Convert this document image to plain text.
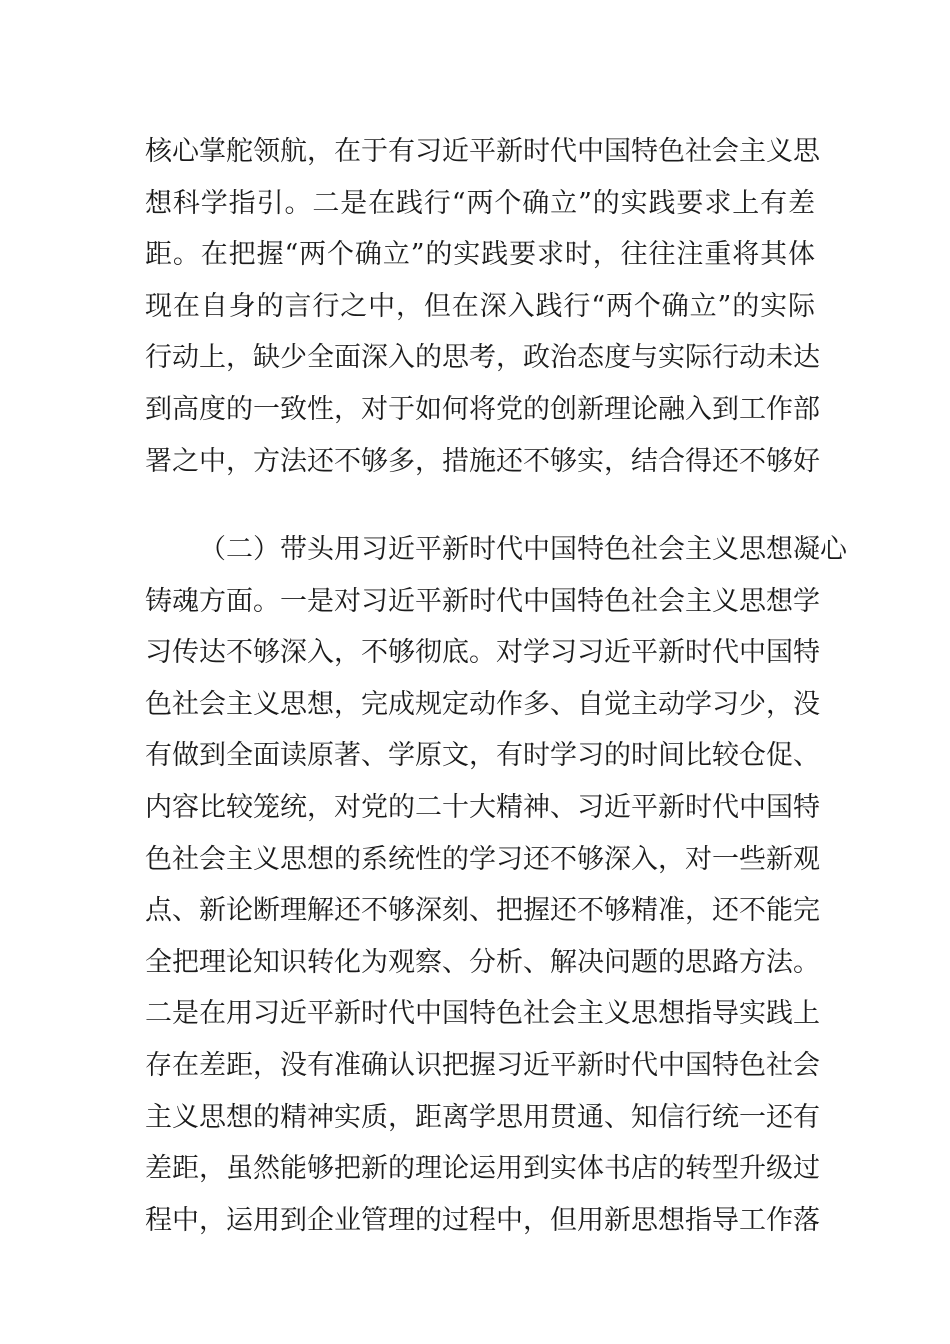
核心掌舵领航，在于有习近平新时代中国特色社会主义思
想科学指引。二是在践行“两个确立”的实践要求上有差
距。在把握“两个确立”的实践要求时，往往注重将其体
现在自身的言行之中，但在深入践行“两个确立”的实际
行动上，缺少全面深入的思考，政治态度与实际行动未达
到高度的一致性，对于如何将党的创新理论融入到工作部
署之中，方法还不够多，措施还不够实，结合得还不够好
（二）带头用习近平新时代中国特色社会主义思想凝心
铸魂方面。一是对习近平新时代中国特色社会主义思想学
习传达不够深入，不够彻底。对学习习近平新时代中国特
色社会主义思想，完成规定动作多、自觉主动学习少，没
有做到全面读原著、学原文，有时学习的时间比较仓促、
内容比较笼统，对党的二十大精神、习近平新时代中国特
色社会主义思想的系统性的学习还不够深入，对一些新观
点、新论断理解还不够深刻、把握还不够精准，还不能完
全把理论知识转化为观察、分析、解决问题的思路方法。
二是在用习近平新时代中国特色社会主义思想指导实践上
存在差距，没有准确认识把握习近平新时代中国特色社会
主义思想的精神实质，距离学思用贯通、知信行统一还有
差距，虽然能够把新的理论运用到实体书店的转型升级过
程中，运用到企业管理的过程中，但用新思想指导工作落
